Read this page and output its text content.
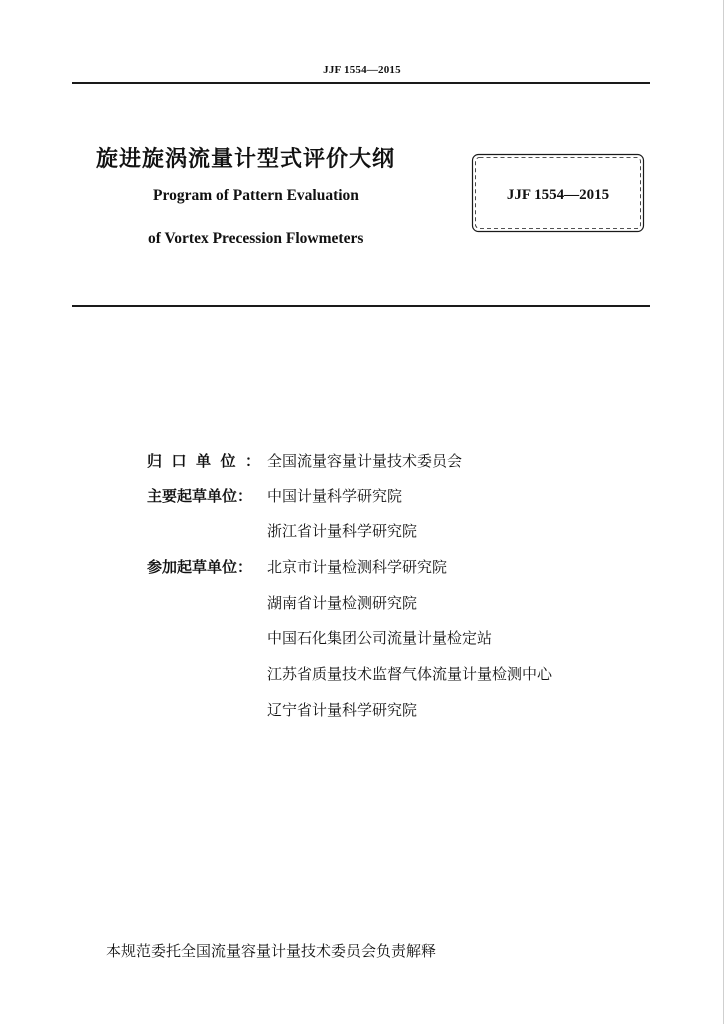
JJF 1554—2015
旋进旋涡流量计型式评价大纲
Program of Pattern Evaluation
of Vortex Precession Flowmeters
JJF 1554—2015
归口单位：
全国流量容量计量技术委员会
主要起草单位： 中国计量科学研究院
浙江省计量科学研究院
参加起草单位： 北京市计量检测科学研究院
湖南省计量检测研究院
中国石化集团公司流量计量检定站
江苏省质量技术监督气体流量计量检测中心
辽宁省计量科学研究院
本规范委托全国流量容量计量技术委员会负责解释
